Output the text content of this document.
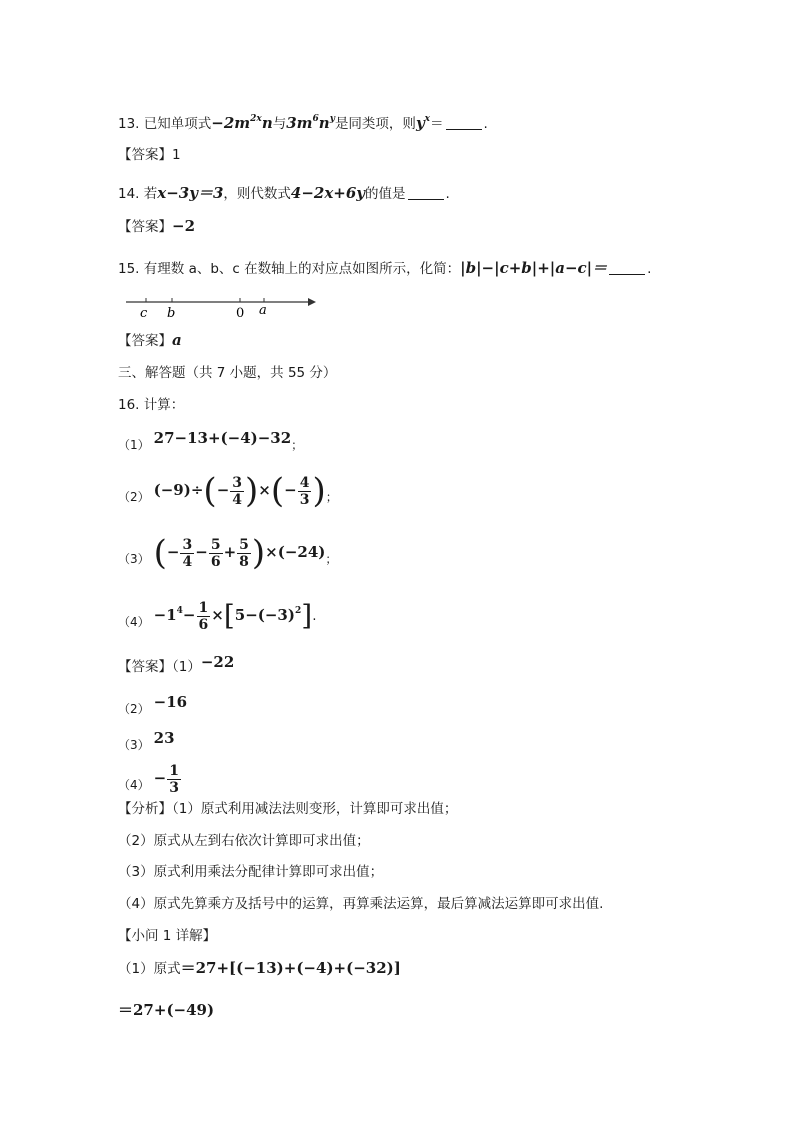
13. 已知单项式$-2m^{2x}n$与$3m^6n^y$是同类项，则$y^x=$	.
【答案】1
14. 若x−3y＝3，则代数式4−2x+6y的值是	.
【答案】−2
15. 有理数 a、b、c 在数轴上的对应点如图所示，化简：|b|−|c+b|+|a−c|＝	.
c b	0 a
【答案】a
三、解答题（共 7 小题，共 55 分）
16. 计算：
（1） 27−13+(−4)−32；
（2） $(-9)\div(- \frac{3}{4}$ )×(− $\frac{4}{3}$ )；
（3） (− $\frac{3}{4} - \frac{5}{6} + \frac{5}{8} )\times(-24)$；
$(4) -1^4- \frac{1}{6} \times[5-(-3)^2]$.
【答案】（1）−22
（2） −16
（3） 23
$(4) - \frac{1}{3}$
【分析】（1）原式利用减法法则变形，计算即可求出值；
（2）原式从左到右依次计算即可求出值；
（3）原式利用乘法分配律计算即可求出值；
（4）原式先算乘方及括号中的运算，再算乘法运算，最后算减法运算即可求出值.
【小问 1 详解】
（1）原式＝27+[(−13)+(−4)+(−32)]
＝27+(−49)
